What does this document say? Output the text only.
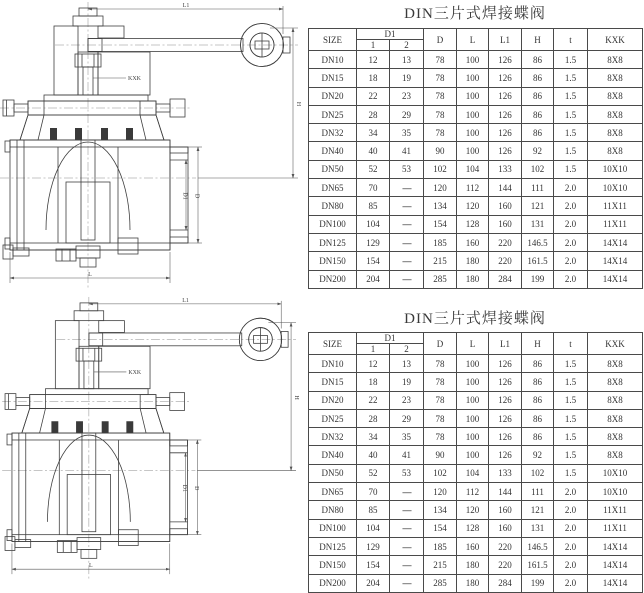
DIN三片式焊接蝶阀
SIZE	D1		D	L	L1	H	t	KXK
	1	2						
DN10	12	13	78	100	126	86	1.5	8X8
DN15	18	19	78	100	126	86	1.5	8X8
DN20	22	23	78	100	126	86	1.5	8X8
DN25	28	29	78	100	126	86	1.5	8X8
DN32	34	35	78	100	126	86	1.5	8X8
DN40	40	41	90	100	126	92	1.5	8X8
DN50	52	53	102	104	133	102	1.5	10X10
DN65	70	—	120	112	144	111	2.0	10X10
DN80	85	—	134	120	160	121	2.0	11X11
DN100	104	—	154	128	160	131	2.0	11X11
DN125	129	—	185	160	220	146.5	2.0	14X14
DN150	154	—	215	180	220	161.5	2.0	14X14
DN200	204	—	285	180	284	199	2.0	14X14
DIN三片式焊接蝶阀
SIZE	D1		D	L	L1	H	t	KXK
	1	2						
DN10	12	13	78	100	126	86	1.5	8X8
DN15	18	19	78	100	126	86	1.5	8X8
DN20	22	23	78	100	126	86	1.5	8X8
DN25	28	29	78	100	126	86	1.5	8X8
DN32	34	35	78	100	126	86	1.5	8X8
DN40	40	41	90	100	126	92	1.5	8X8
DN50	52	53	102	104	133	102	1.5	10X10
DN65	70	—	120	112	144	111	2.0	10X10
DN80	85	—	134	120	160	121	2.0	11X11
DN100	104	—	154	128	160	131	2.0	11X11
DN125	129	—	185	160	220	146.5	2.0	14X14
DN150	154	—	215	180	220	161.5	2.0	14X14
DN200	204	—	285	180	284	199	2.0	14X14
